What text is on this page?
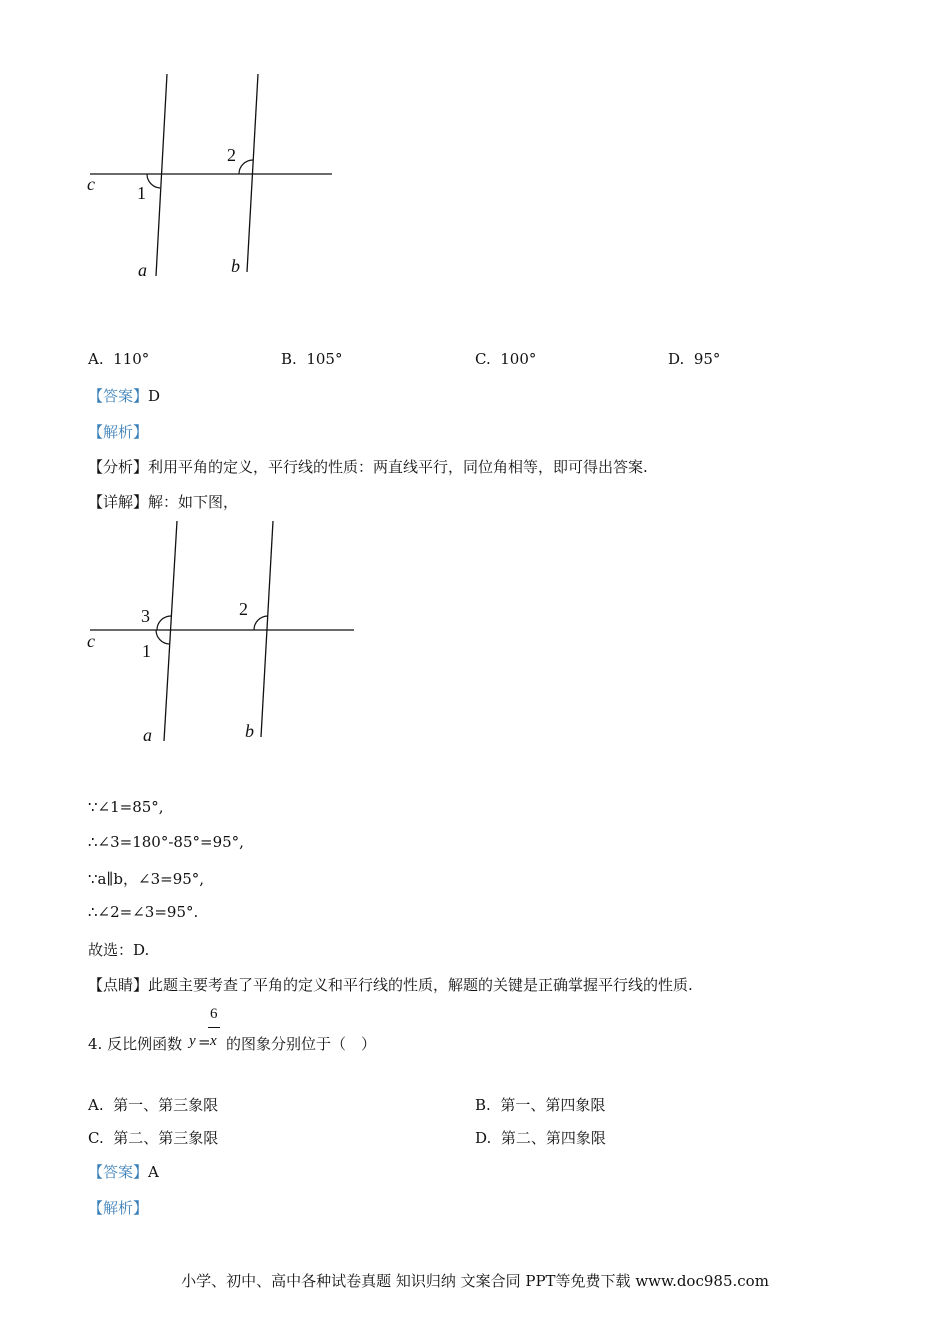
c 1
2
a	b
A. 110°	B. 105°	C. 100°	D. 95°
【答案】D
【解析】
【分析】利用平角的定义，平行线的性质：两直线平行，同位角相等，即可得出答案.
【详解】解：如下图，
c	1
3	2
a	b
∵∠1=85°,
∴∠3=180°-85°=95°,
∵a∥b，∠3=95°,
∴∠2=∠3=95°.
故选：D.
【点睛】此题主要考查了平角的定义和平行线的性质，解题的关键是正确掌握平行线的性质.
4. 反比例函数 y =
6
x 的图象分别位于（　）
A. 第一、第三象限	B. 第一、第四象限
C. 第二、第三象限	D. 第二、第四象限
【答案】A
【解析】
小学、初中、高中各种试卷真题 知识归纳 文案合同 PPT等免费下载 www.doc985.com
